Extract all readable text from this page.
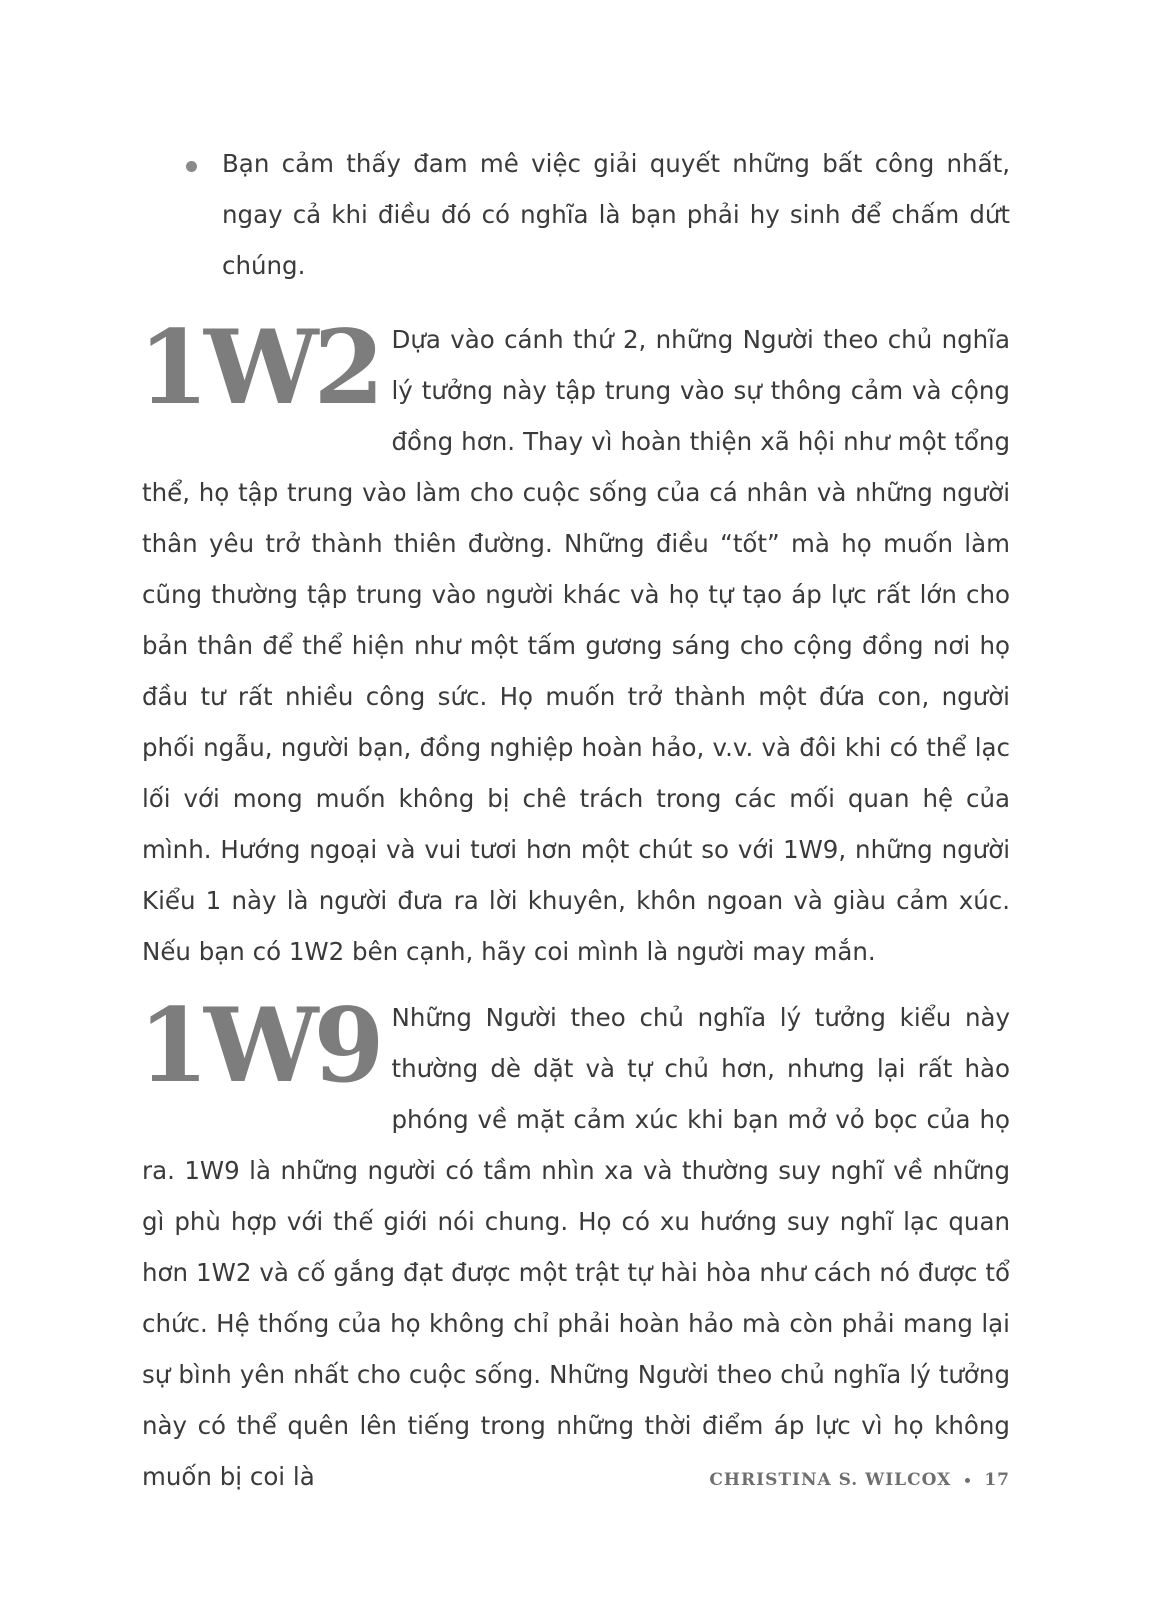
Bạn cảm thấy đam mê việc giải quyết những bất công nhất, ngay cả khi điều đó có nghĩa là bạn phải hy sinh để chấm dứt chúng.

1W2 Dựa vào cánh thứ 2, những Người theo chủ nghĩa lý tưởng này tập trung vào sự thông cảm và cộng đồng hơn. Thay vì hoàn thiện xã hội như một tổng thể, họ tập trung vào làm cho cuộc sống của cá nhân và những người thân yêu trở thành thiên đường. Những điều “tốt” mà họ muốn làm cũng thường tập trung vào người khác và họ tự tạo áp lực rất lớn cho bản thân để thể hiện như một tấm gương sáng cho cộng đồng nơi họ đầu tư rất nhiều công sức. Họ muốn trở thành một đứa con, người phối ngẫu, người bạn, đồng nghiệp hoàn hảo, v.v. và đôi khi có thể lạc lối với mong muốn không bị chê trách trong các mối quan hệ của mình. Hướng ngoại và vui tươi hơn một chút so với 1W9, những người Kiểu 1 này là người đưa ra lời khuyên, khôn ngoan và giàu cảm xúc. Nếu bạn có 1W2 bên cạnh, hãy coi mình là người may mắn.

1W9 Những Người theo chủ nghĩa lý tưởng kiểu này thường dè dặt và tự chủ hơn, nhưng lại rất hào phóng về mặt cảm xúc khi bạn mở vỏ bọc của họ ra. 1W9 là những người có tầm nhìn xa và thường suy nghĩ về những gì phù hợp với thế giới nói chung. Họ có xu hướng suy nghĩ lạc quan hơn 1W2 và cố gắng đạt được một trật tự hài hòa như cách nó được tổ chức. Hệ thống của họ không chỉ phải hoàn hảo mà còn phải mang lại sự bình yên nhất cho cuộc sống. Những Người theo chủ nghĩa lý tưởng này có thể quên lên tiếng trong những thời điểm áp lực vì họ không muốn bị coi là	CHRISTINA S. WILCOX 17
